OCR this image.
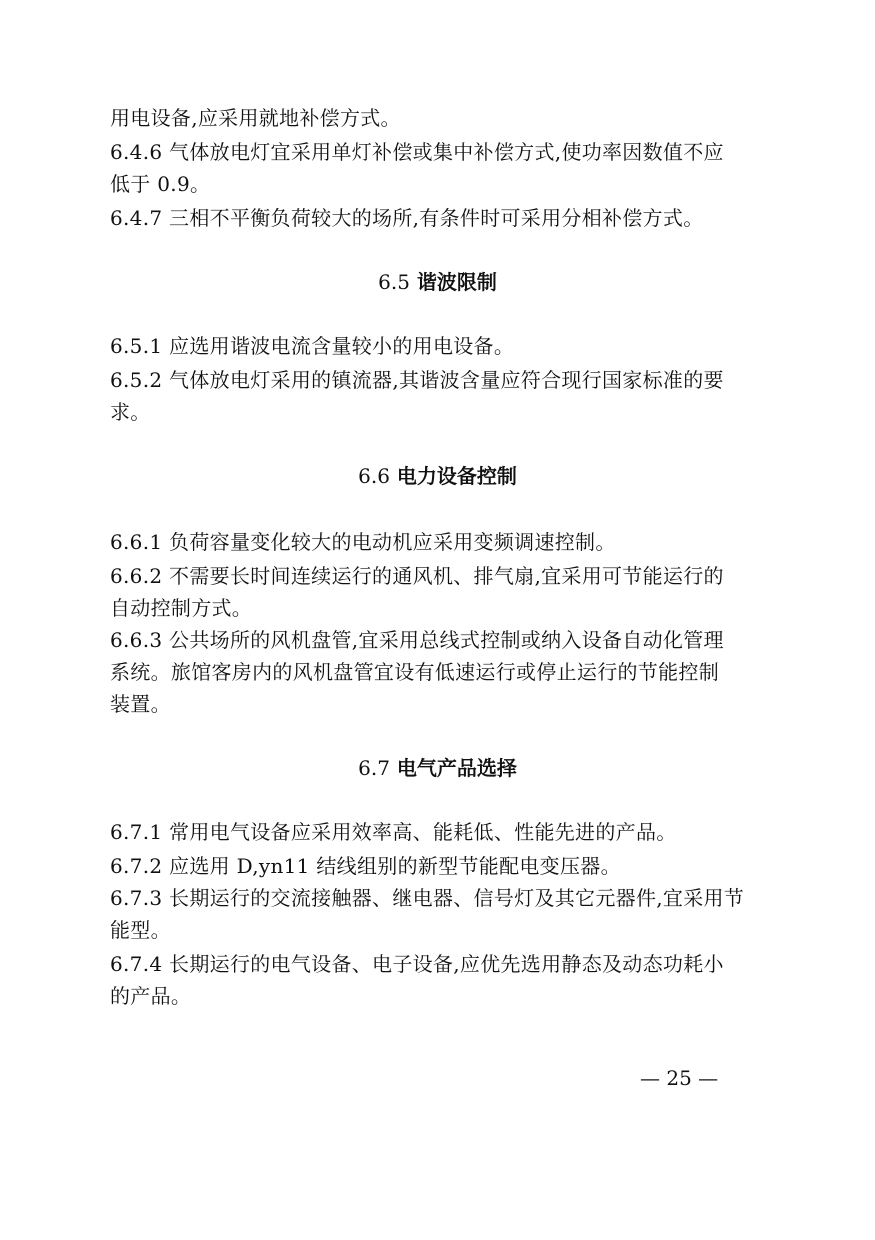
用电设备,应采用就地补偿方式。
6.4.6 气体放电灯宜采用单灯补偿或集中补偿方式,使功率因数值不应
低于 0.9。
6.4.7 三相不平衡负荷较大的场所,有条件时可采用分相补偿方式。
6.5 谐波限制
6.5.1 应选用谐波电流含量较小的用电设备。
6.5.2 气体放电灯采用的镇流器,其谐波含量应符合现行国家标准的要
求。
6.6 电力设备控制
6.6.1 负荷容量变化较大的电动机应采用变频调速控制。
6.6.2 不需要长时间连续运行的通风机、排气扇,宜采用可节能运行的
自动控制方式。
6.6.3 公共场所的风机盘管,宜采用总线式控制或纳入设备自动化管理
系统。旅馆客房内的风机盘管宜设有低速运行或停止运行的节能控制
装置。
6.7 电气产品选择
6.7.1 常用电气设备应采用效率高、能耗低、性能先进的产品。
6.7.2 应选用 D,yn11 结线组别的新型节能配电变压器。
6.7.3 长期运行的交流接触器、继电器、信号灯及其它元器件,宜采用节
能型。
6.7.4 长期运行的电气设备、电子设备,应优先选用静态及动态功耗小
的产品。
— 25 —
